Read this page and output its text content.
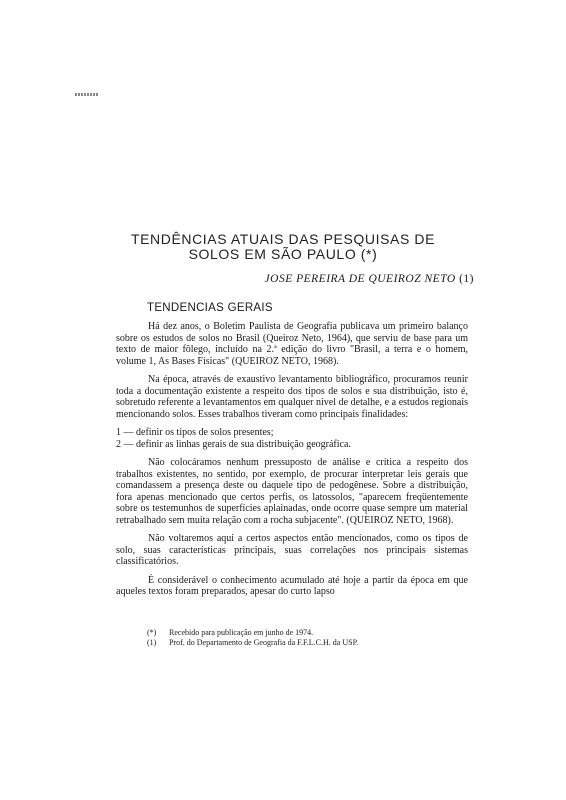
TENDÊNCIAS ATUAIS DAS PESQUISAS DE
SOLOS EM SÃO PAULO (*)
JOSE PEREIRA DE QUEIROZ NETO (1)
TENDENCIAS GERAIS

Há dez anos, o Boletim Paulista de Geografia publicava um primeiro balanço sobre os estudos de solos no Brasil (Queiroz Neto, 1964), que serviu de base para um texto de maior fôlego, incluído na 2.ª edição do livro "Brasil, a terra e o homem, volume 1, As Bases Físicas" (QUEIROZ NETO, 1968).

Na época, através de exaustivo levantamento bibliográfico, procuramos reunir toda a documentação existente a respeito dos tipos de solos e sua distribuição, isto é, sobretudo referente a levantamentos em qualquer nível de detalhe, e a estudos regionais mencionando solos. Esses trabalhos tiveram como principais finalidades:

1 — definir os tipos de solos presentes;

2 — definir as linhas gerais de sua distribuição geográfica.

Não colocáramos nenhum pressuposto de análise e crítica a respeito dos trabalhos existentes, no sentido, por exemplo, de procurar interpretar leis gerais que comandassem a presença deste ou daquele tipo de pedogênese. Sobre a distribuição, fora apenas mencionado que certos perfis, os latossolos, "aparecem freqüentemente sobre os testemunhos de superfícies aplainadas, onde ocorre quase sempre um material retrabalhado sem muita relação com a rocha subjacente". (QUEIROZ NETO, 1968).

Não voltaremos aqui a certos aspectos então mencionados, como os tipos de solo, suas características principais, suas correlações nos principais sistemas classificatórios.

É considerável o conhecimento acumulado até hoje a partir da época em que aqueles textos foram preparados, apesar do curto lapso

(*)	Recebido para publicação em junho de 1974.
(1)	Prof. do Departamento de Geografia da F.F.L.C.H. da USP.
